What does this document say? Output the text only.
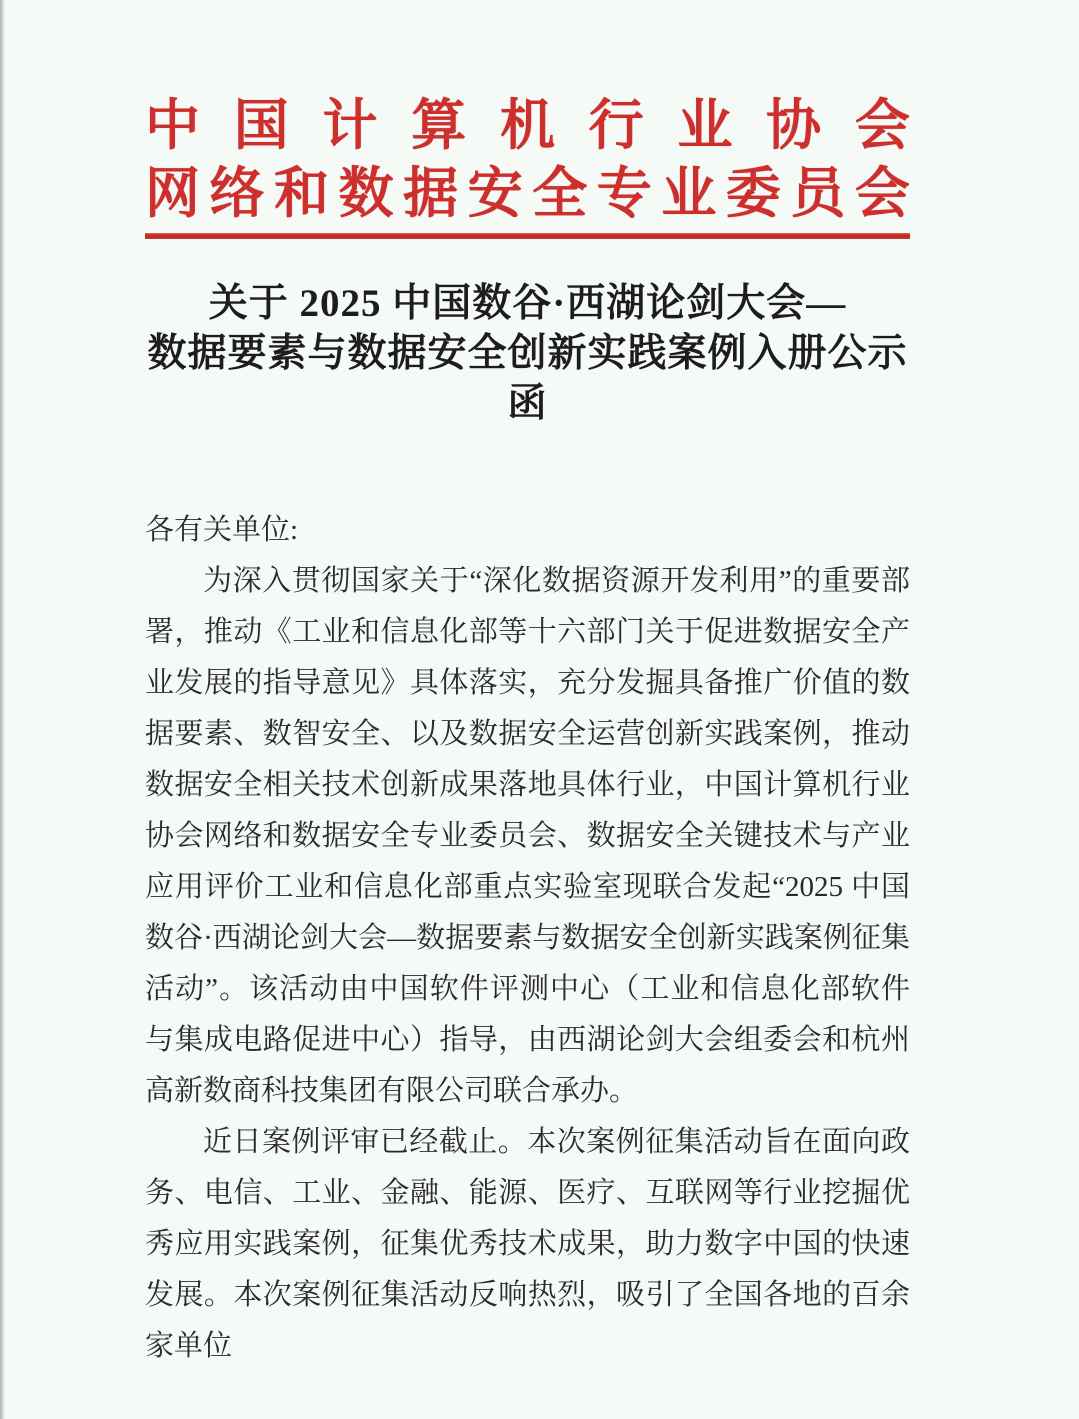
中 国 计 算 机 行 业 协 会
网 络 和 数 据 安 全 专 业 委 员 会
关于 2025 中国数谷·西湖论剑大会—
数据要素与数据安全创新实践案例入册公示函

各有关单位:

为深入贯彻国家关于“深化数据资源开发利用”的重要部署，推动《工业和信息化部等十六部门关于促进数据安全产业发展的指导意见》具体落实，充分发掘具备推广价值的数据要素、数智安全、以及数据安全运营创新实践案例，推动数据安全相关技术创新成果落地具体行业，中国计算机行业协会网络和数据安全专业委员会、数据安全关键技术与产业应用评价工业和信息化部重点实验室现联合发起“2025 中国数谷·西湖论剑大会—数据要素与数据安全创新实践案例征集活动”。该活动由中国软件评测中心（工业和信息化部软件与集成电路促进中心）指导，由西湖论剑大会组委会和杭州高新数商科技集团有限公司联合承办。

近日案例评审已经截止。本次案例征集活动旨在面向政务、电信、工业、金融、能源、医疗、互联网等行业挖掘优秀应用实践案例，征集优秀技术成果，助力数字中国的快速发展。本次案例征集活动反响热烈，吸引了全国各地的百余家单位
